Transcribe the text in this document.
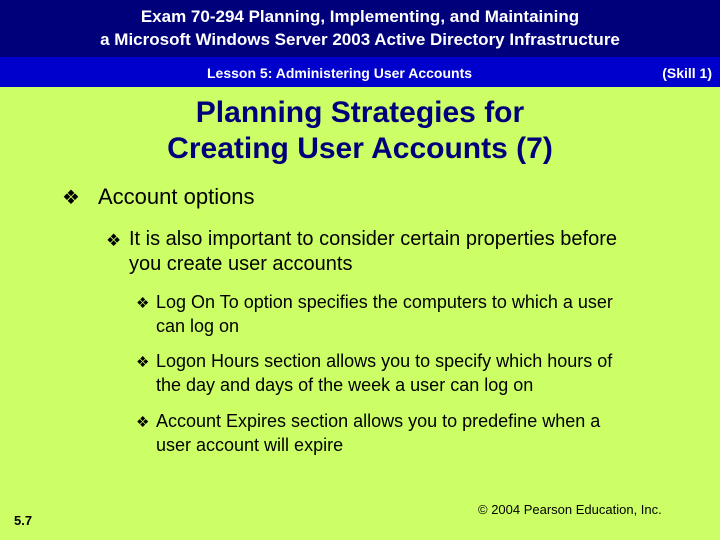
Exam 70-294 Planning, Implementing, and Maintaining
a Microsoft Windows Server 2003 Active Directory Infrastructure
Lesson 5: Administering User Accounts	(Skill 1)
Planning Strategies for
Creating User Accounts (7)
❖ Account options
❖ It is also important to consider certain properties before
you create user accounts
❖ Log On To option specifies the computers to which a user
can log on
❖ Logon Hours section allows you to specify which hours of
the day and days of the week a user can log on
❖ Account Expires section allows you to predefine when a
user account will expire
© 2004 Pearson Education, Inc.
5.7
